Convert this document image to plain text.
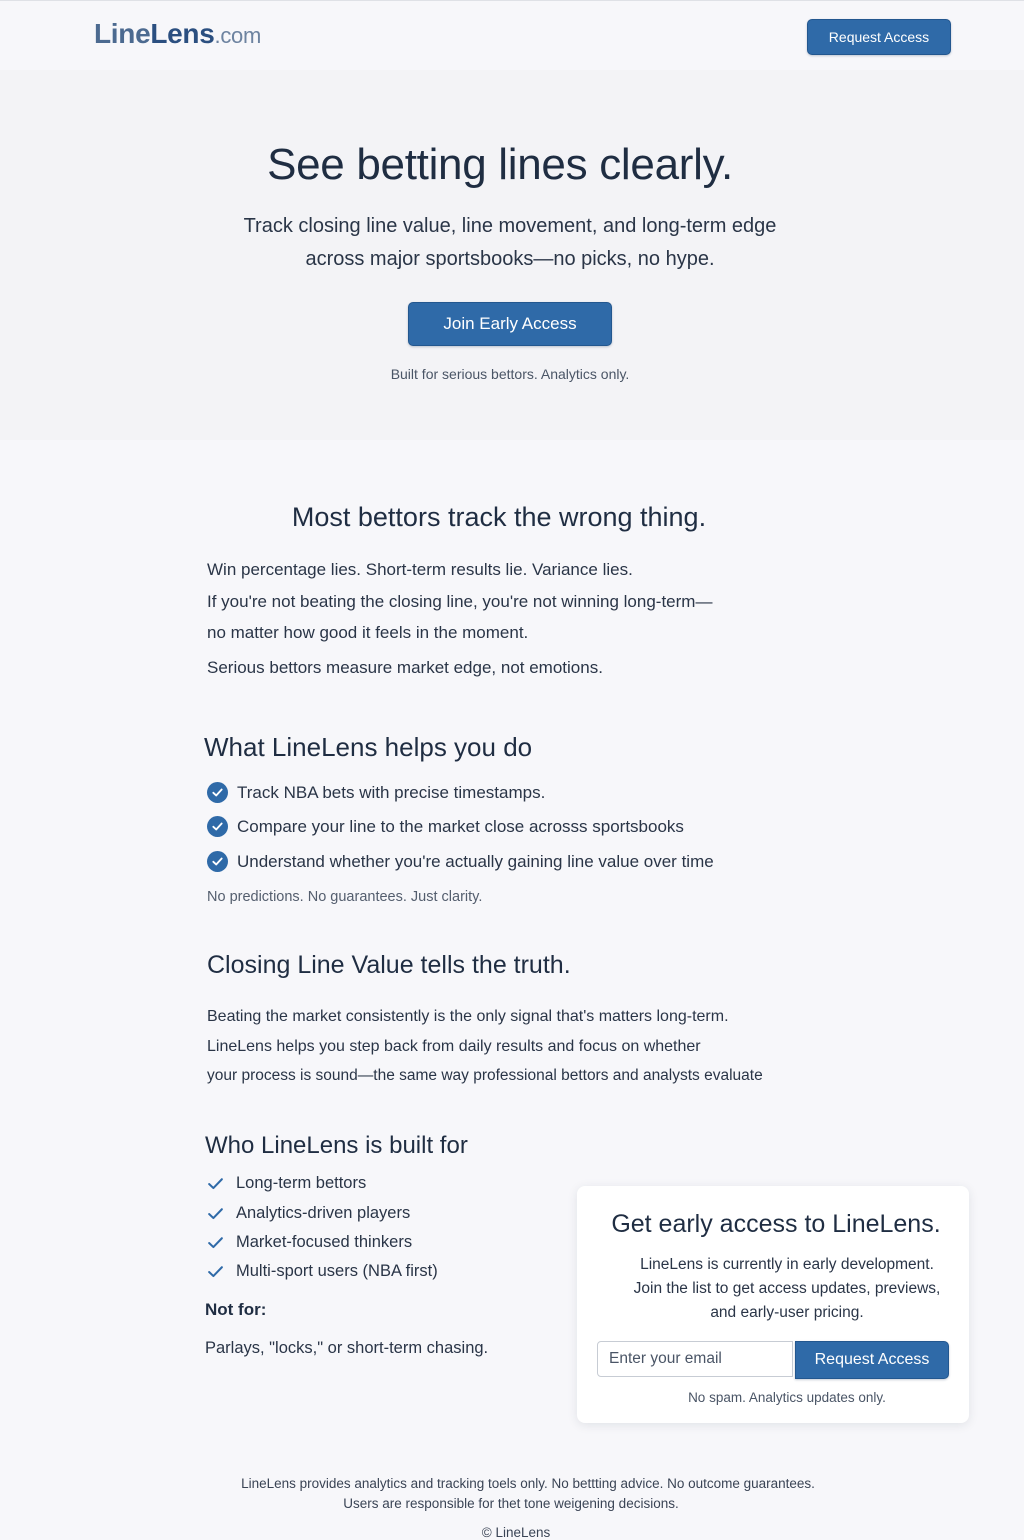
LineLens.com	Request Access
See betting lines clearly.
Track closing line value, line movement, and long-term edge
across major sportsbooks—no picks, no hype.
Join Early Access

Built for serious bettors. Analytics only.

Most bettors track the wrong thing.

Win percentage lies. Short-term results lie. Variance lies.

If you're not beating the closing line, you're not winning long-term—

no matter how good it feels in the moment.

Serious bettors measure market edge, not emotions.

What LineLens helps you do
Track NBA bets with precise timestamps.
Compare your line to the market close acrosss sportsbooks
Understand whether you're actually gaining line value over time

No predictions. No guarantees. Just clarity.

Closing Line Value tells the truth.

Beating the market consistently is the only signal that's matters long-term.

LineLens helps you step back from daily results and focus on whether

your process is sound—the same way professional bettors and analysts evaluate

Who LineLens is built for
Long-term bettors
Analytics-driven players
Market-focused thinkers
Multi-sport users (NBA first)

Not for:

Parlays, "locks," or short-term chasing.

Get early access to LineLens.

LineLens is currently in early development.
Join the list to get access updates, previews,
and early-user pricing.
Enter your email
Request Access

No spam. Analytics updates only.

LineLens provides analytics and tracking toels only. No bettting advice. No outcome guarantees.

Users are responsible for thet tone weigening decisions.

© LineLens
